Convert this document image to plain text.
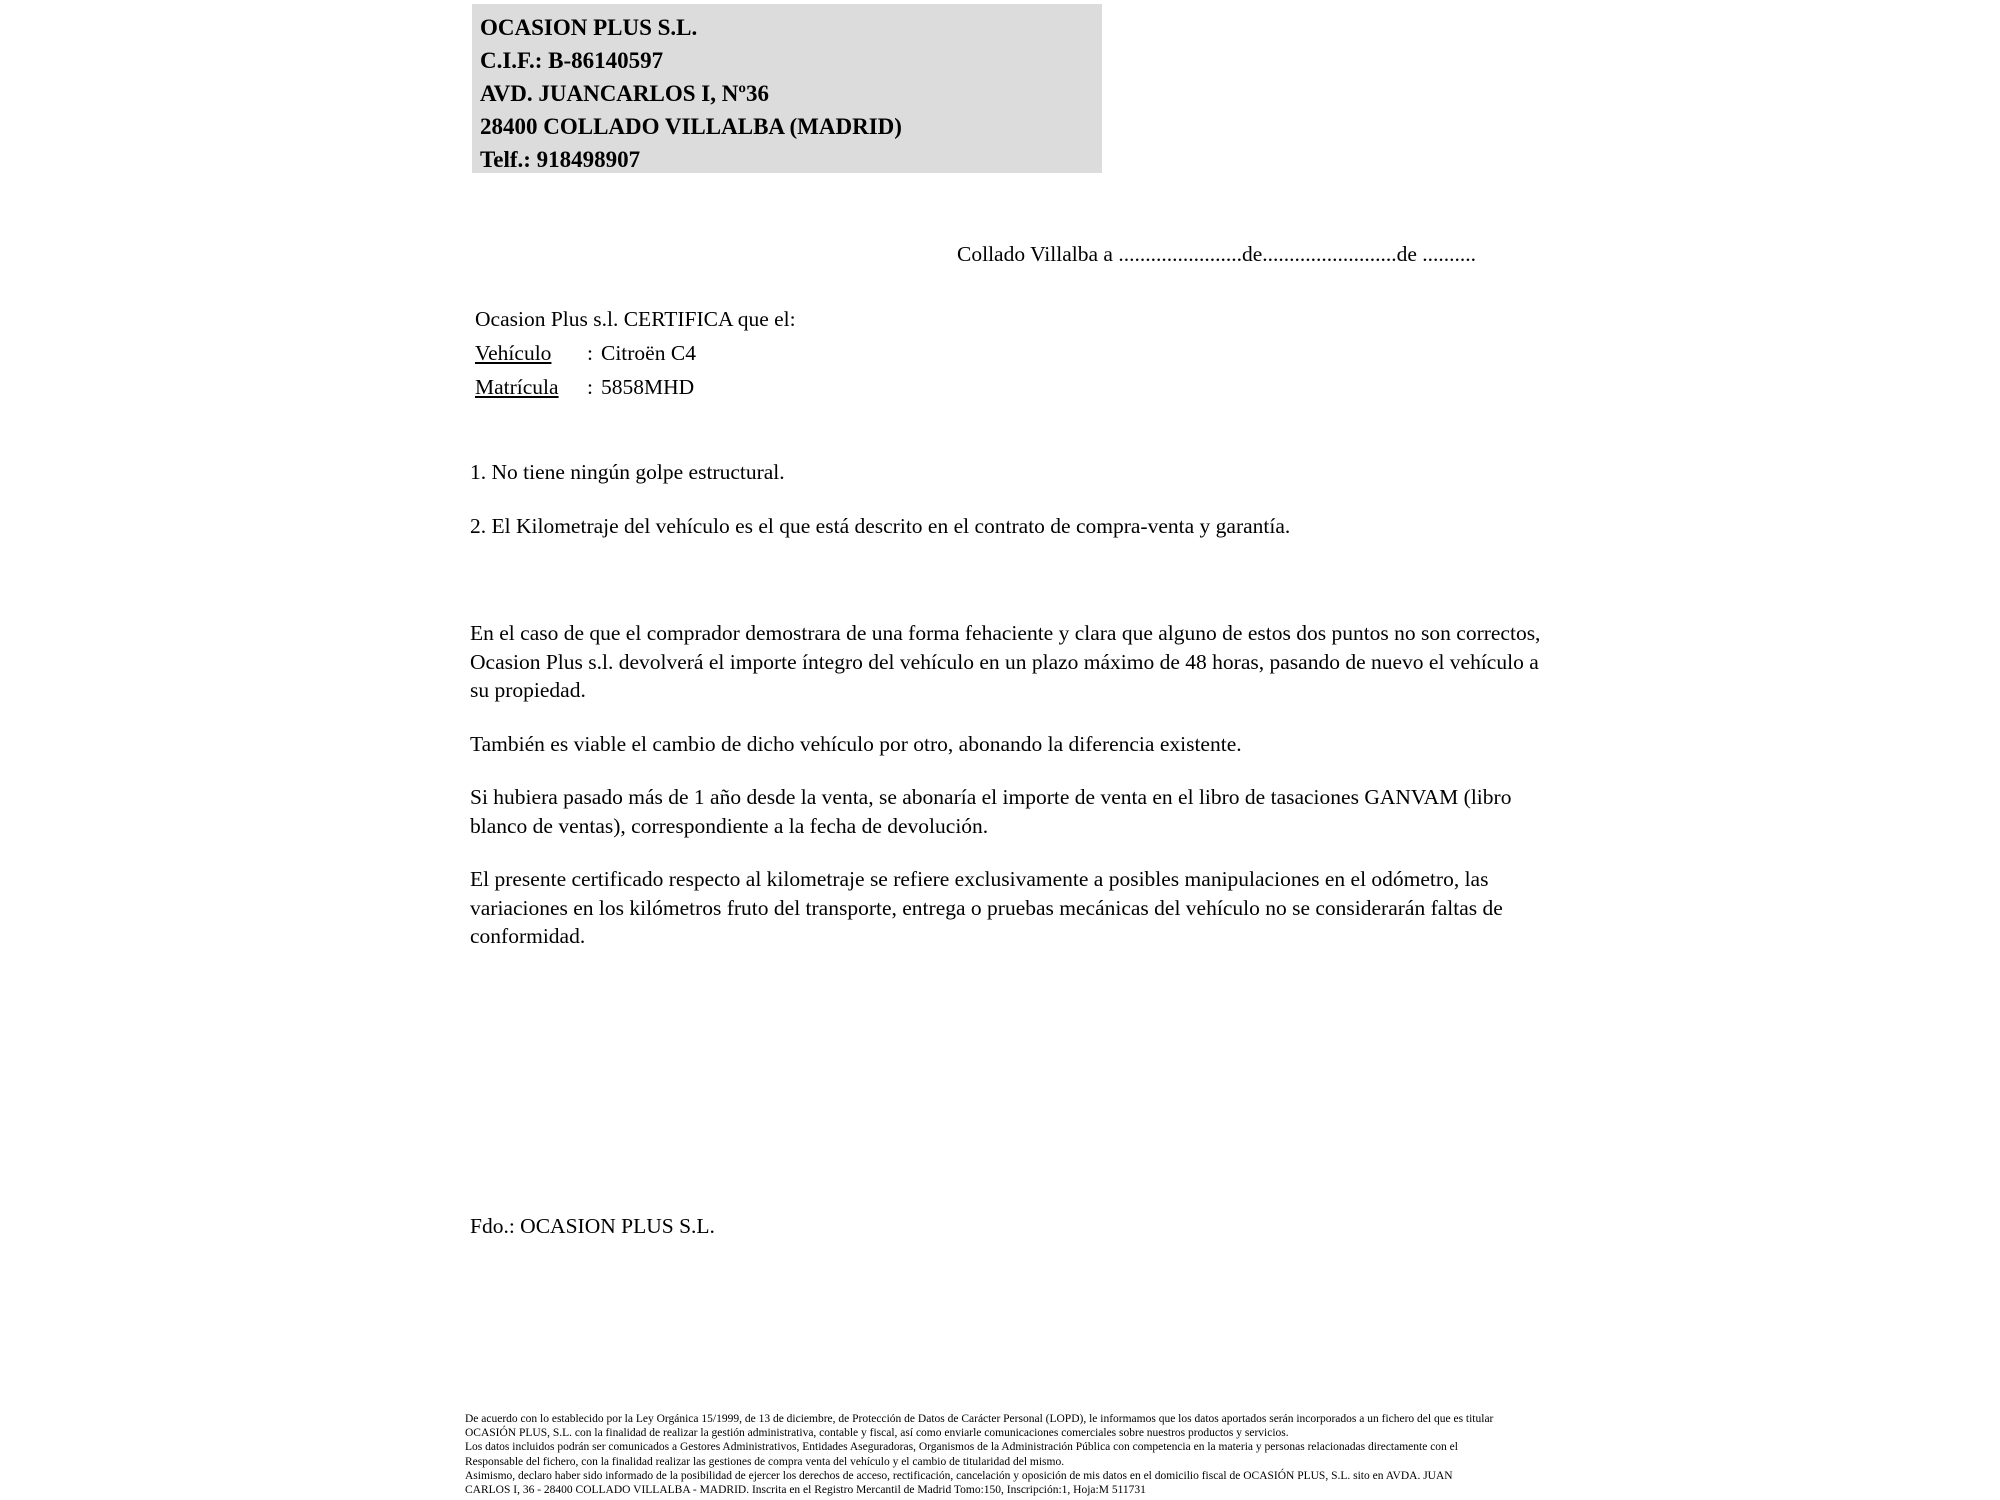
OCASION PLUS S.L.
C.I.F.: B-86140597
AVD. JUANCARLOS I, Nº36
28400 COLLADO VILLALBA (MADRID)
Telf.: 918498907
Collado Villalba a .......................de.........................de ..........
Ocasion Plus s.l. CERTIFICA que el:
Vehículo : Citroën C4
Matrícula : 5858MHD
1. No tiene ningún golpe estructural.
2. El Kilometraje del vehículo es el que está descrito en el contrato de compra-venta y garantía.

En el caso de que el comprador demostrara de una forma fehaciente y clara que alguno de estos dos puntos no son correctos, Ocasion Plus s.l. devolverá el importe íntegro del vehículo en un plazo máximo de 48 horas, pasando de nuevo el vehículo a su propiedad.

También es viable el cambio de dicho vehículo por otro, abonando la diferencia existente.

Si hubiera pasado más de 1 año desde la venta, se abonaría el importe de venta en el libro de tasaciones GANVAM (libro blanco de ventas), correspondiente a la fecha de devolución.

El presente certificado respecto al kilometraje se refiere exclusivamente a posibles manipulaciones en el odómetro, las variaciones en los kilómetros fruto del transporte, entrega o pruebas mecánicas del vehículo no se considerarán faltas de conformidad.

Fdo.: OCASION PLUS S.L.
De acuerdo con lo establecido por la Ley Orgánica 15/1999, de 13 de diciembre, de Protección de Datos de Carácter Personal (LOPD), le informamos que los datos aportados serán incorporados a un fichero del que es titular
OCASIÓN PLUS, S.L. con la finalidad de realizar la gestión administrativa, contable y fiscal, así como enviarle comunicaciones comerciales sobre nuestros productos y servicios.
Los datos incluidos podrán ser comunicados a Gestores Administrativos, Entidades Aseguradoras, Organismos de la Administración Pública con competencia en la materia y personas relacionadas directamente con el
Responsable del fichero, con la finalidad realizar las gestiones de compra venta del vehículo y el cambio de titularidad del mismo.
Asimismo, declaro haber sido informado de la posibilidad de ejercer los derechos de acceso, rectificación, cancelación y oposición de mis datos en el domicilio fiscal de OCASIÓN PLUS, S.L. sito en AVDA. JUAN
CARLOS I, 36 - 28400 COLLADO VILLALBA - MADRID. Inscrita en el Registro Mercantil de Madrid Tomo:150, Inscripción:1, Hoja:M 511731
